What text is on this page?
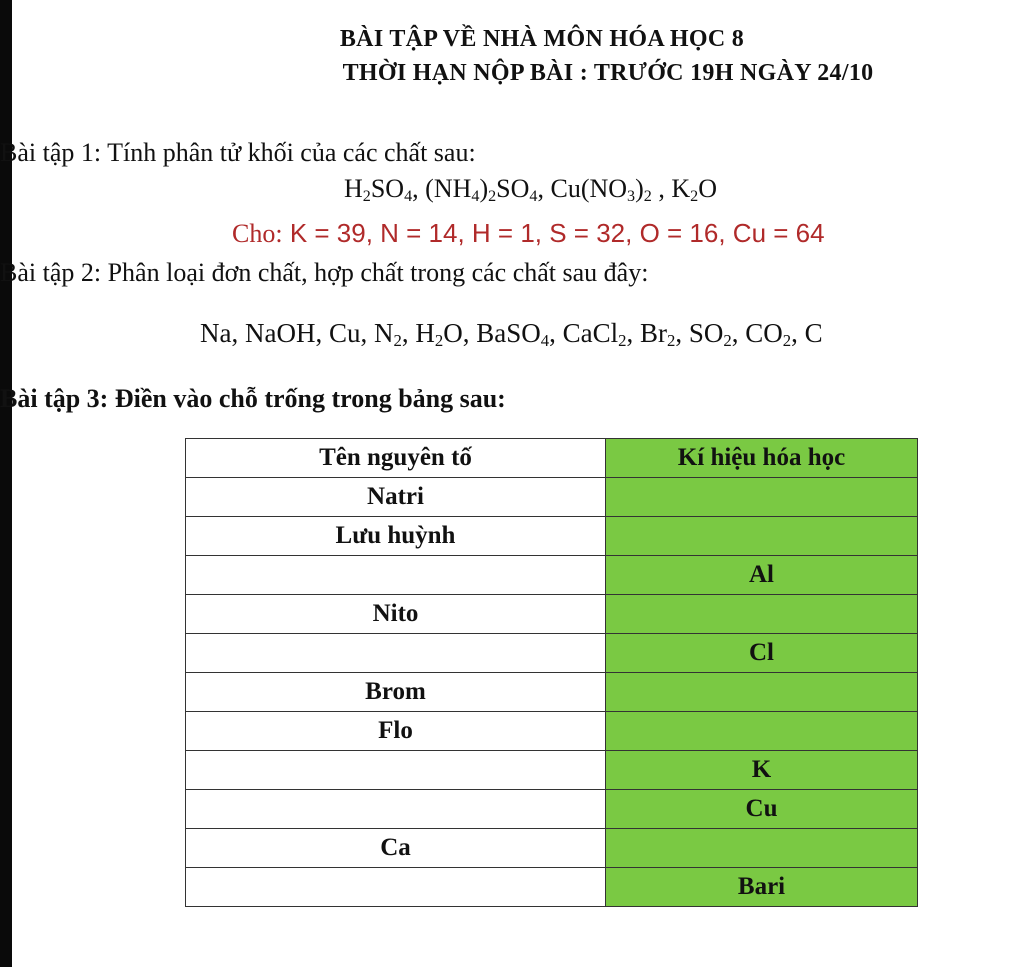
BÀI TẬP VỀ NHÀ MÔN HÓA HỌC 8
THỜI HẠN NỘP BÀI : TRƯỚC 19H NGÀY 24/10
Bài tập 1: Tính phân tử khối của các chất sau:
$H_2SO_4$, $(NH_4)_2SO_4$, $Cu(NO_3)_2$ , $K_2O$
Cho: K = 39, N = 14, H = 1, S = 32, O = 16, Cu = 64
Bài tập 2: Phân loại đơn chất, hợp chất trong các chất sau đây:
Na, NaOH, Cu, $N_2$, $H_2O$, BaSO$_4$, CaCl$_2$, $Br_2$, $SO_2$, $CO_2$, C
Bài tập 3: Điền vào chỗ trống trong bảng sau:
Tên nguyên tố	Kí hiệu hóa học
Natri	
Lưu huỳnh	
	Al
Nito	
	Cl
Brom	
Flo	
	K
	Cu
Ca	
	Bari
